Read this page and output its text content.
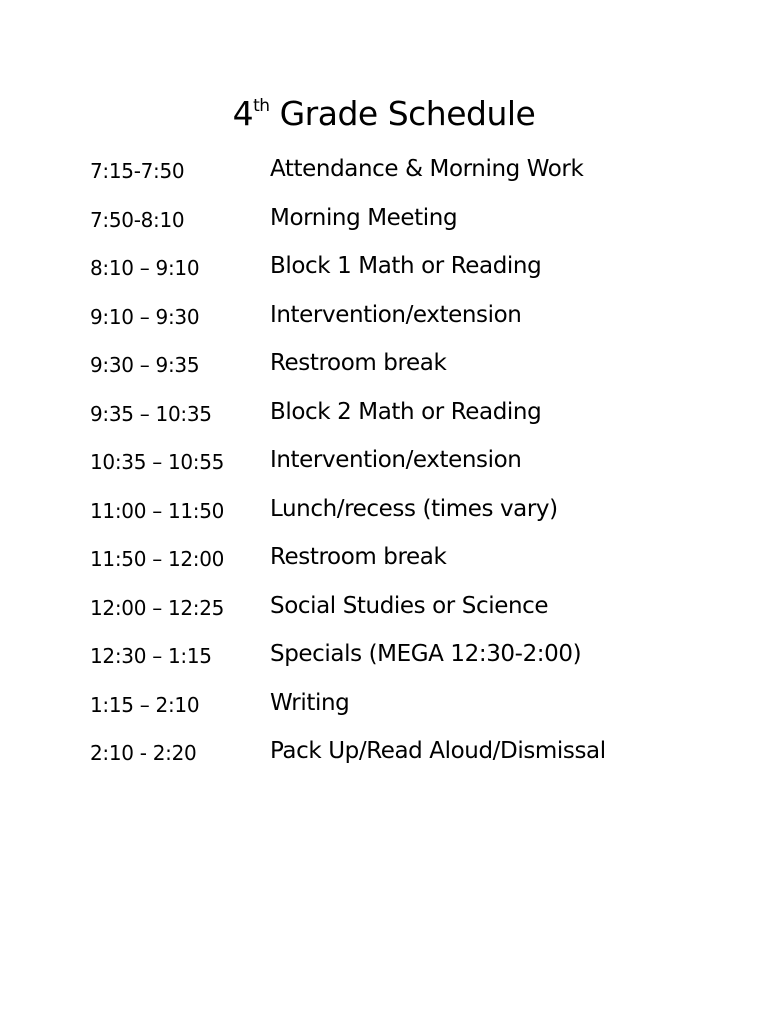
4th Grade Schedule
7:15-7:50	Attendance & Morning Work
7:50-8:10	Morning Meeting
8:10 – 9:10	Block 1 Math or Reading
9:10 – 9:30	Intervention/extension
9:30 – 9:35	Restroom break
9:35 – 10:35	Block 2 Math or Reading
10:35 – 10:55 Intervention/extension
11:00 – 11:50 Lunch/recess (times vary)
11:50 – 12:00 Restroom break
12:00 – 12:25 Social Studies or Science
12:30 – 1:15	Specials (MEGA 12:30-2:00)
1:15 – 2:10	Writing
2:10 - 2:20	Pack Up/Read Aloud/Dismissal
